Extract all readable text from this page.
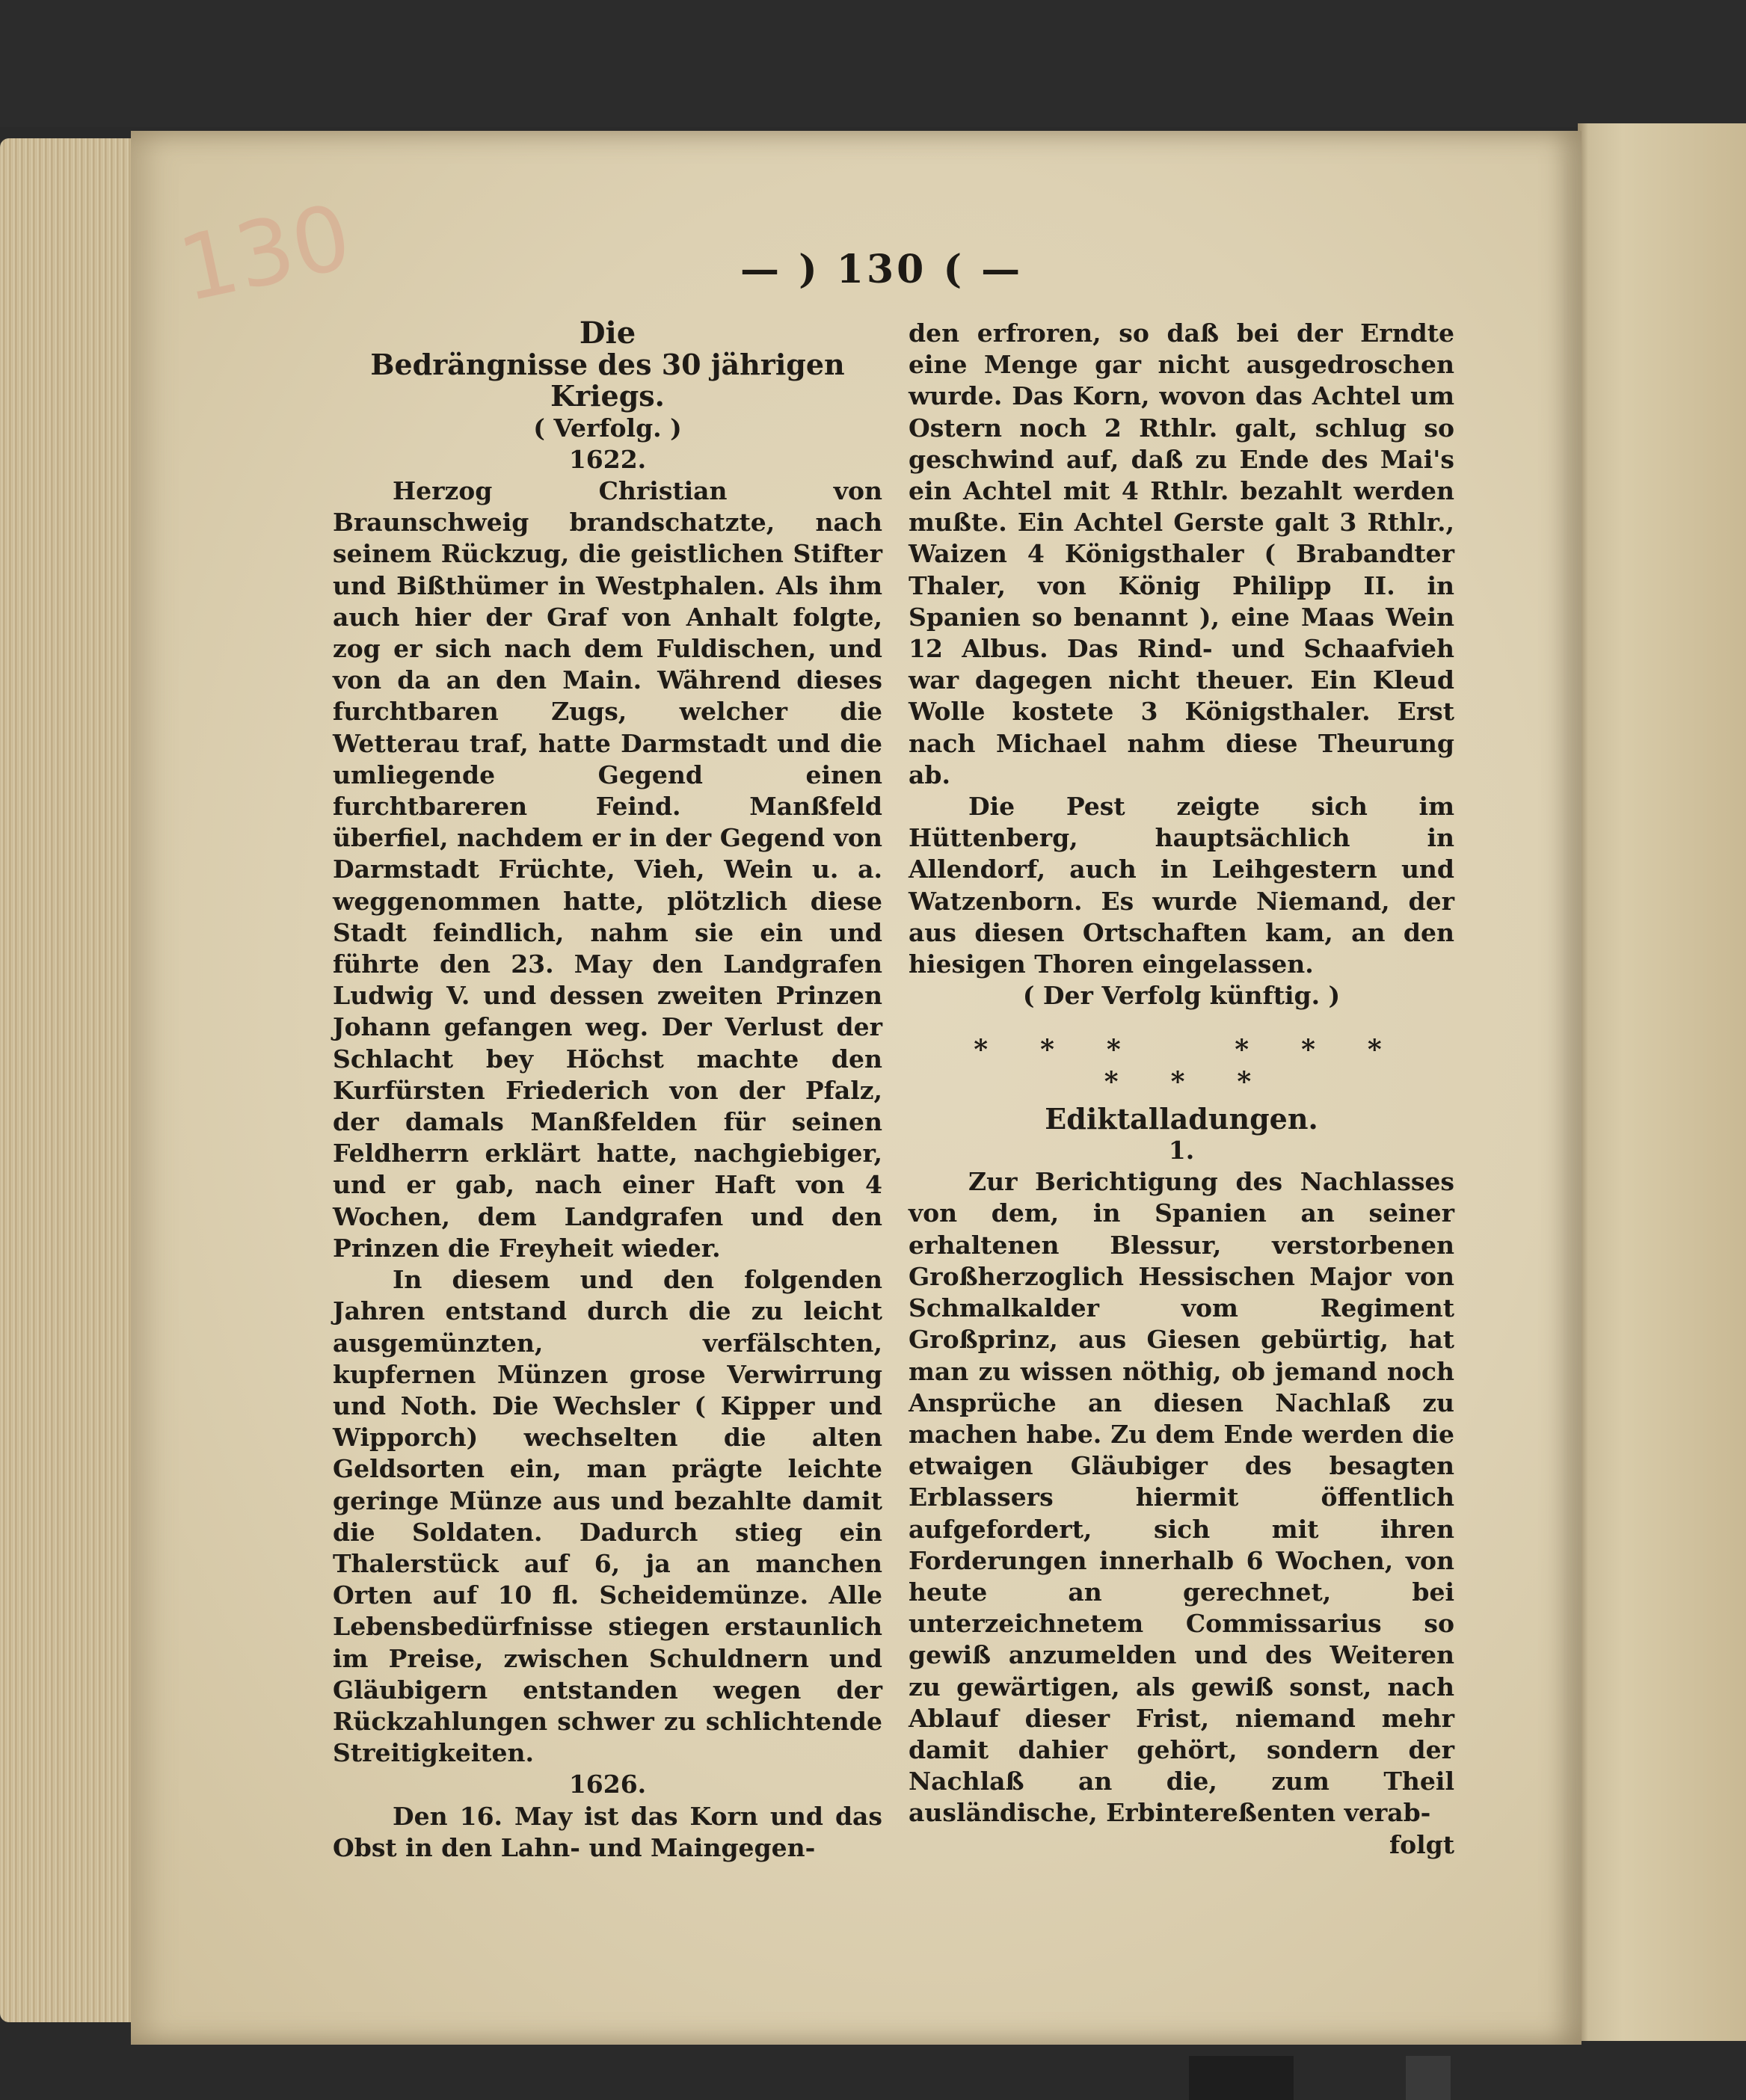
130	— ) 130 ( —
Die
Bedrängnisse des 30 jährigen Kriegs.
( Verfolg. )
1622.

Herzog Christian von Braunschweig brandschatzte, nach seinem Rückzug, die geistlichen Stifter und Bißthümer in Westphalen. Als ihm auch hier der Graf von Anhalt folgte, zog er sich nach dem Fuldischen, und von da an den Main. Während dieses furchtbaren Zugs, welcher die Wetterau traf, hatte Darmstadt und die umliegende Gegend einen furchtbareren Feind. Manßfeld überfiel, nachdem er in der Gegend von Darmstadt Früchte, Vieh, Wein u. a. weggenommen hatte, plötzlich diese Stadt feindlich, nahm sie ein und führte den 23. May den Landgrafen Ludwig V. und dessen zweiten Prinzen Johann gefangen weg. Der Verlust der Schlacht bey Höchst machte den Kurfürsten Friederich von der Pfalz, der damals Manßfelden für seinen Feldherrn erklärt hatte, nachgiebiger, und er gab, nach einer Haft von 4 Wochen, dem Landgrafen und den Prinzen die Freyheit wieder.

In diesem und den folgenden Jahren entstand durch die zu leicht ausgemünzten, verfälschten, kupfernen Münzen grose Verwirrung und Noth. Die Wechsler ( Kipper und Wipporch) wechselten die alten Geldsorten ein, man prägte leichte geringe Münze aus und bezahlte damit die Soldaten. Dadurch stieg ein Thalerstück auf 6, ja an manchen Orten auf 10 fl. Scheidemünze. Alle Lebensbedürfnisse stiegen erstaunlich im Preise, zwischen Schuldnern und Gläubigern entstanden wegen der Rückzahlungen schwer zu schlichtende Streitigkeiten.

1626.

Den 16. May ist das Korn und das Obst in den Lahn- und Maingegen-

den erfroren, so daß bei der Erndte eine Menge gar nicht ausgedroschen wurde. Das Korn, wovon das Achtel um Ostern noch 2 Rthlr. galt, schlug so geschwind auf, daß zu Ende des Mai's ein Achtel mit 4 Rthlr. bezahlt werden mußte. Ein Achtel Gerste galt 3 Rthlr., Waizen 4 Königsthaler ( Brabandter Thaler, von König Philipp II. in Spanien so benannt ), eine Maas Wein 12 Albus. Das Rind- und Schaafvieh war dagegen nicht theuer. Ein Kleud Wolle kostete 3 Königsthaler. Erst nach Michael nahm diese Theurung ab.

Die Pest zeigte sich im Hüttenberg, hauptsächlich in Allendorf, auch in Leihgestern und Watzenborn. Es wurde Niemand, der aus diesen Ortschaften kam, an den hiesigen Thoren eingelassen.

( Der Verfolg künftig. )
*** *** ***
Ediktalladungen.
1.

Zur Berichtigung des Nachlasses von dem, in Spanien an seiner erhaltenen Blessur, verstorbenen Großherzoglich Hessischen Major von Schmalkalder vom Regiment Großprinz, aus Giesen gebürtig, hat man zu wissen nöthig, ob jemand noch Ansprüche an diesen Nachlaß zu machen habe. Zu dem Ende werden die etwaigen Gläubiger des besagten Erblassers hiermit öffentlich aufgefordert, sich mit ihren Forderungen innerhalb 6 Wochen, von heute an gerechnet, bei unterzeichnetem Commissarius so gewiß anzumelden und des Weiteren zu gewärtigen, als gewiß sonst, nach Ablauf dieser Frist, niemand mehr damit dahier gehört, sondern der Nachlaß an die, zum Theil ausländische, Erbintereßenten verab-

folgt
